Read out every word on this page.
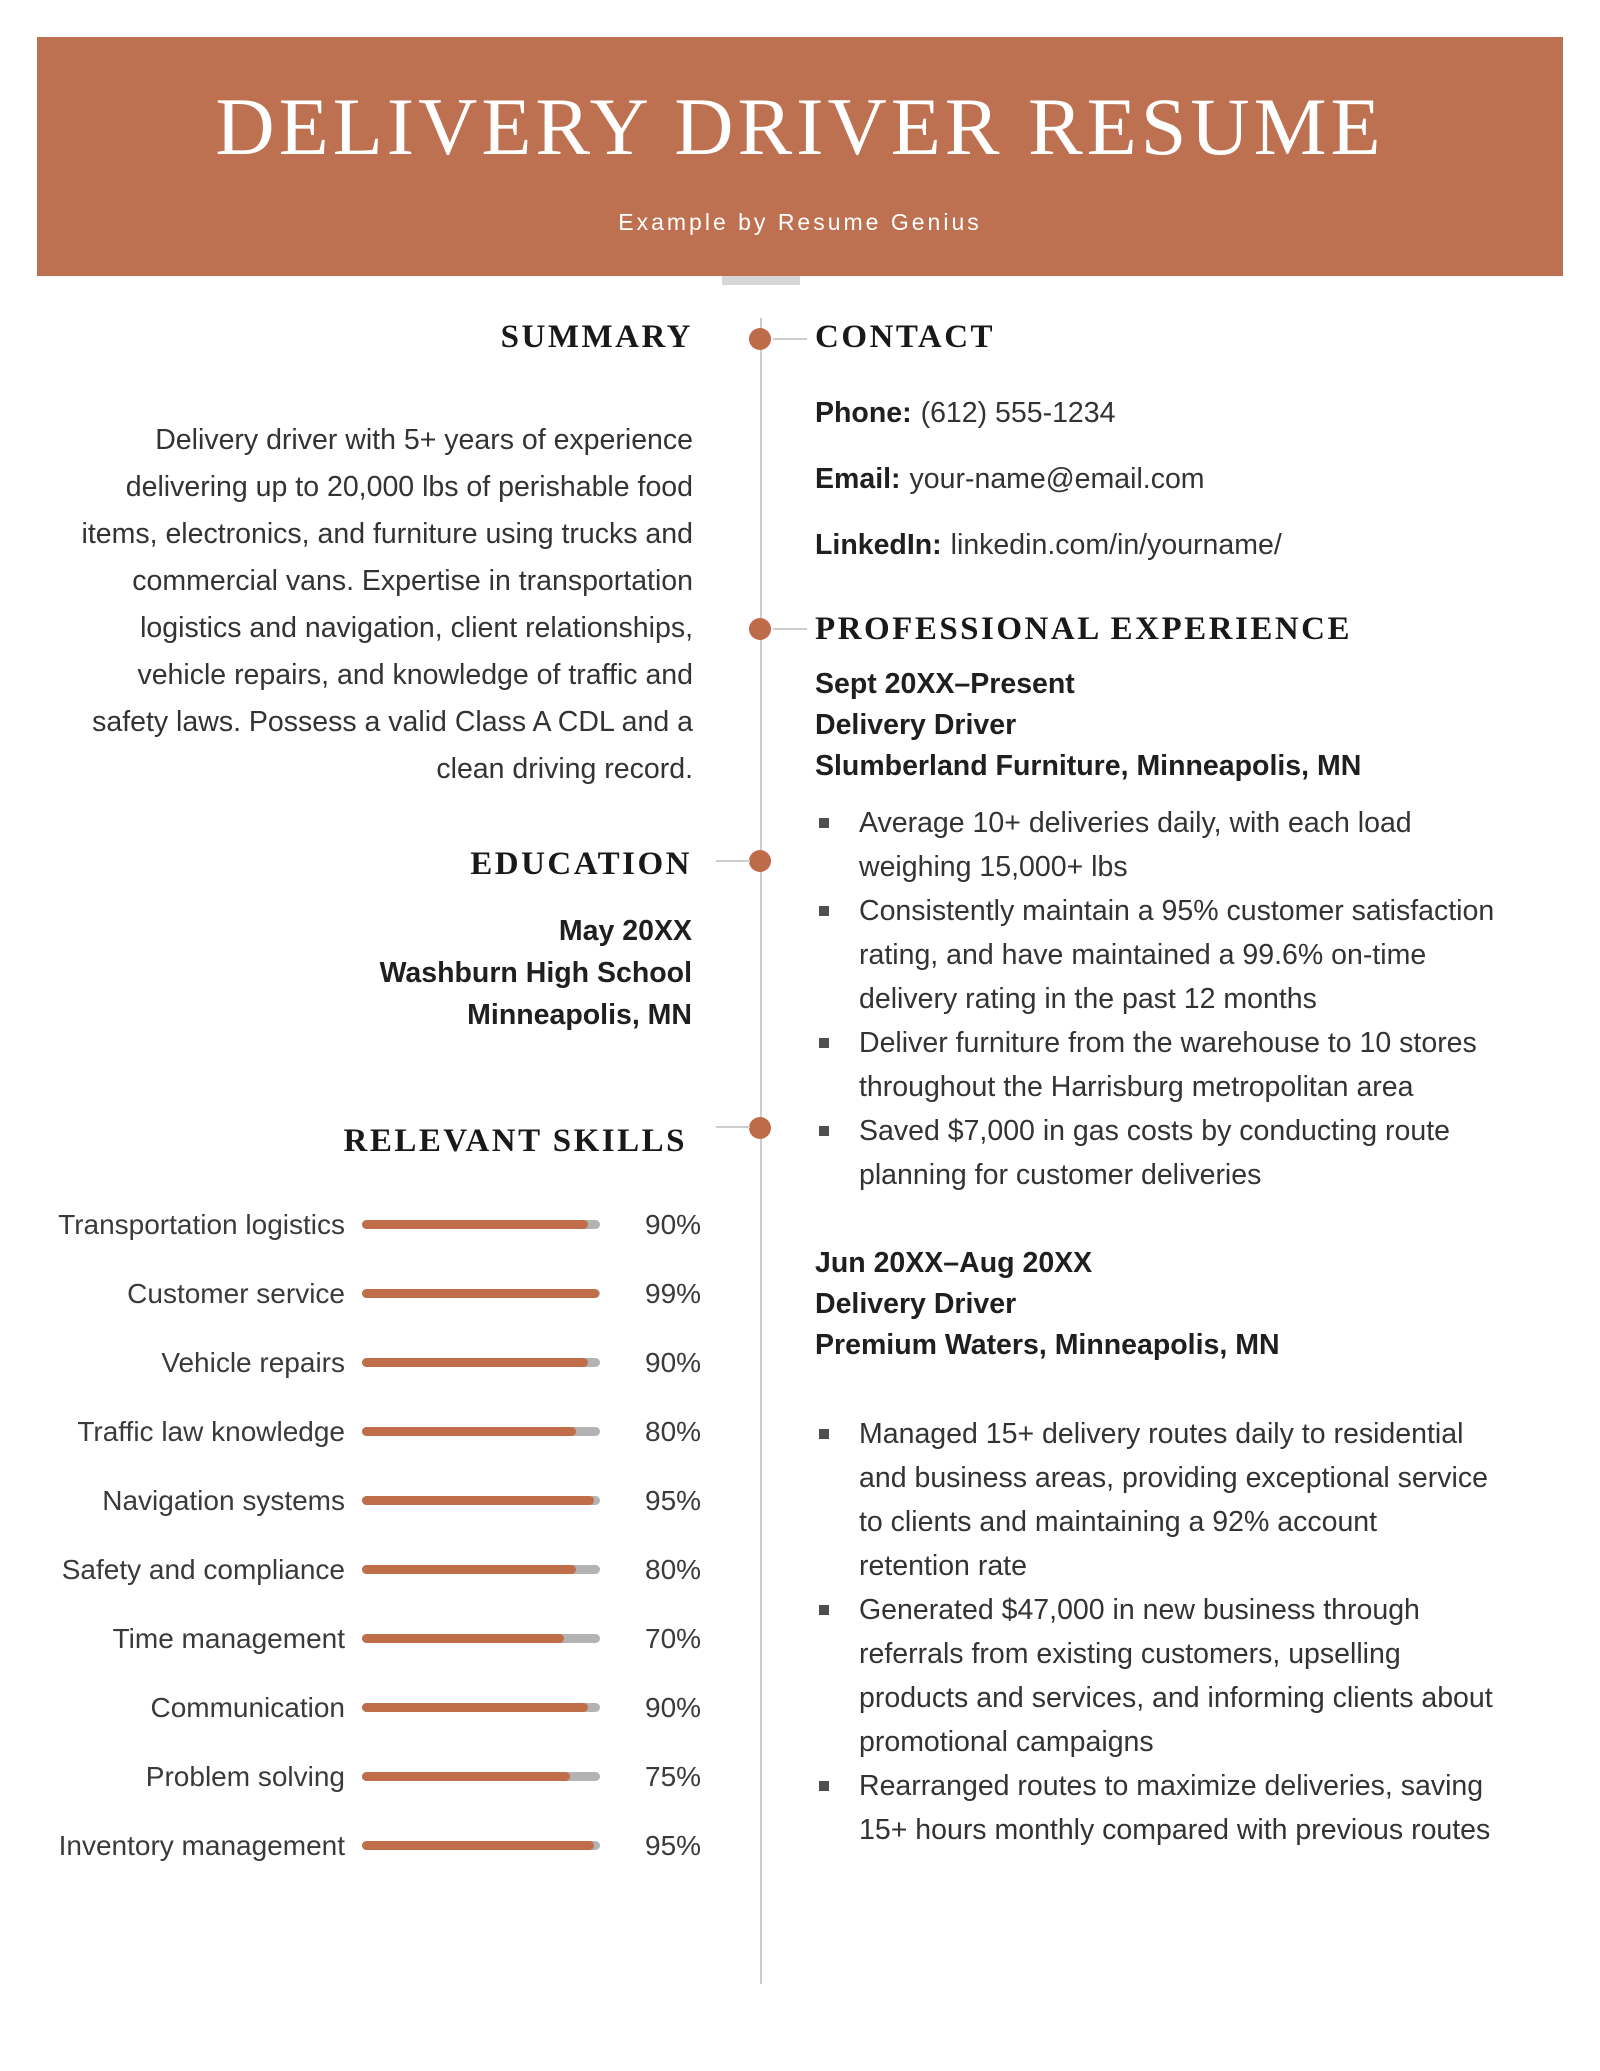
DELIVERY DRIVER RESUME
Example by Resume Genius
SUMMARY

Delivery driver with 5+ years of experience delivering up to 20,000 lbs of perishable food items, electronics, and furniture using trucks and commercial vans. Expertise in transportation logistics and navigation, client relationships, vehicle repairs, and knowledge of traffic and safety laws. Possess a valid Class A CDL and a clean driving record.

EDUCATION
May 20XX
Washburn High School
Minneapolis, MN
RELEVANT SKILLS
Transportation logistics	90%
Customer service	99%
Vehicle repairs	90%
Traffic law knowledge	80%
Navigation systems	95%
Safety and compliance	80%
Time management	70%
Communication	90%
Problem solving	75%
Inventory management	95%
CONTACT
Phone: (612) 555-1234
Email: your-name@email.com
LinkedIn: linkedin.com/in/yourname/
PROFESSIONAL EXPERIENCE
Sept 20XX–Present
Delivery Driver
Slumberland Furniture, Minneapolis, MN
Average 10+ deliveries daily, with each load weighing 15,000+ lbs
Consistently maintain a 95% customer satisfaction rating, and have maintained a 99.6% on-time delivery rating in the past 12 months
Deliver furniture from the warehouse to 10 stores throughout the Harrisburg metropolitan area
Saved $7,000 in gas costs by conducting route planning for customer deliveries
Jun 20XX–Aug 20XX
Delivery Driver
Premium Waters, Minneapolis, MN
Managed 15+ delivery routes daily to residential and business areas, providing exceptional service to clients and maintaining a 92% account retention rate
Generated $47,000 in new business through referrals from existing customers, upselling products and services, and informing clients about promotional campaigns
Rearranged routes to maximize deliveries, saving 15+ hours monthly compared with previous routes
